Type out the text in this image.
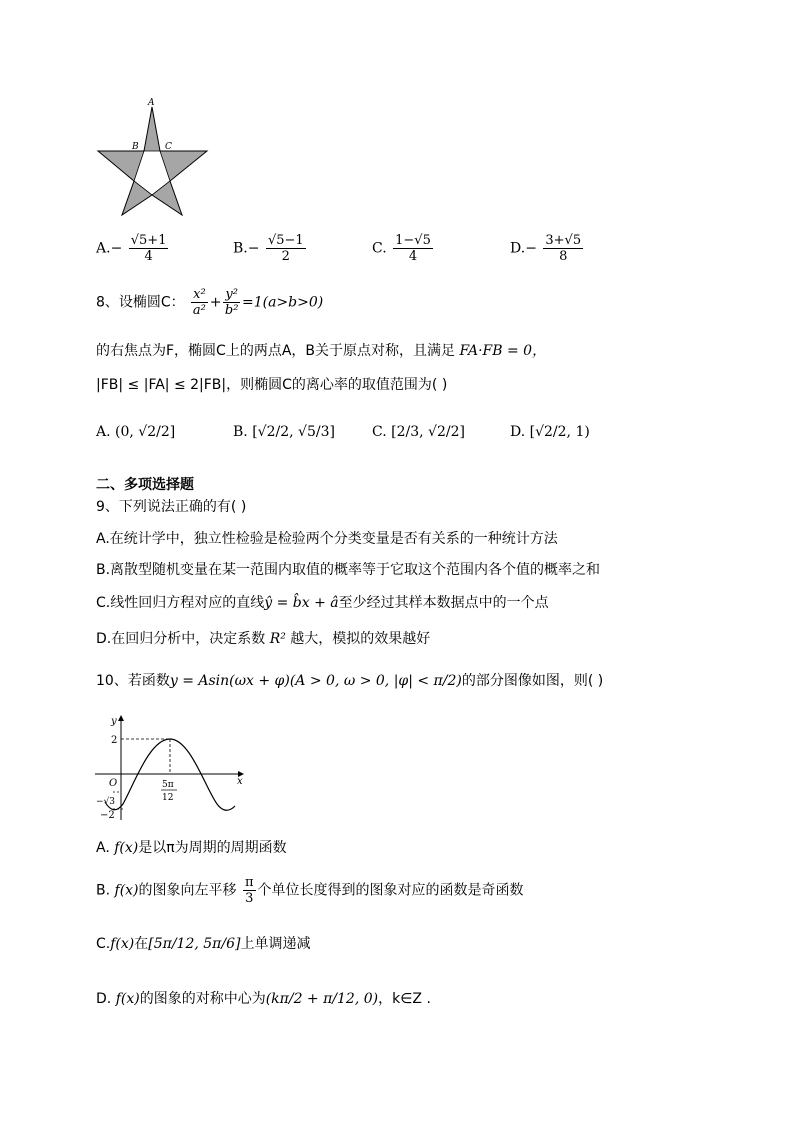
A
B	C
$A.- \frac{√5+1}{4}$	$B.- \frac{√5-1}{2}$	C. $\frac{1-√5}{4}$	$D.- \frac{3+√5}{8}$
8、设椭圆C： $\frac{\text{x²}}{\text{a²}} + \frac{\text{y²}}{\text{b²}} =1(a>b>0)$
的右焦点为F，椭圆C上的两点A，B关于原点对称，且满足 FA·FB = 0，
|FB| ≤ |FA| ≤ 2|FB|，则椭圆C的离心率的取值范围为( )
A. (0, √2/2]	B. [√2/2, √5/3]	C. [2/3, √2/2]	D. [√2/2, 1)
二、多项选择题
9、下列说法正确的有( )
A.在统计学中，独立性检验是检验两个分类变量是否有关系的一种统计方法
B.离散型随机变量在某一范围内取值的概率等于它取这个范围内各个值的概率之和
C.线性回归方程对应的直线ŷ = b̂x + â至少经过其样本数据点中的一个点
D.在回归分析中，决定系数 R² 越大，模拟的效果越好
10、若函数y = Asin(ωx + φ)(A > 0, ω > 0, |φ| < π/2)的部分图像如图，则( )
y
x
O
2
−√3
−2
5π
12
A. f(x)是以π为周期的周期函数
B. f(x)的图象向左平移 $\frac{\pi}{3}$ 个单位长度得到的图象对应的函数是奇函数
C.f(x)在[5π/12, 5π/6]上单调递减
D. f(x)的图象的对称中心为(kπ/2 + π/12, 0)，k∈Z .
